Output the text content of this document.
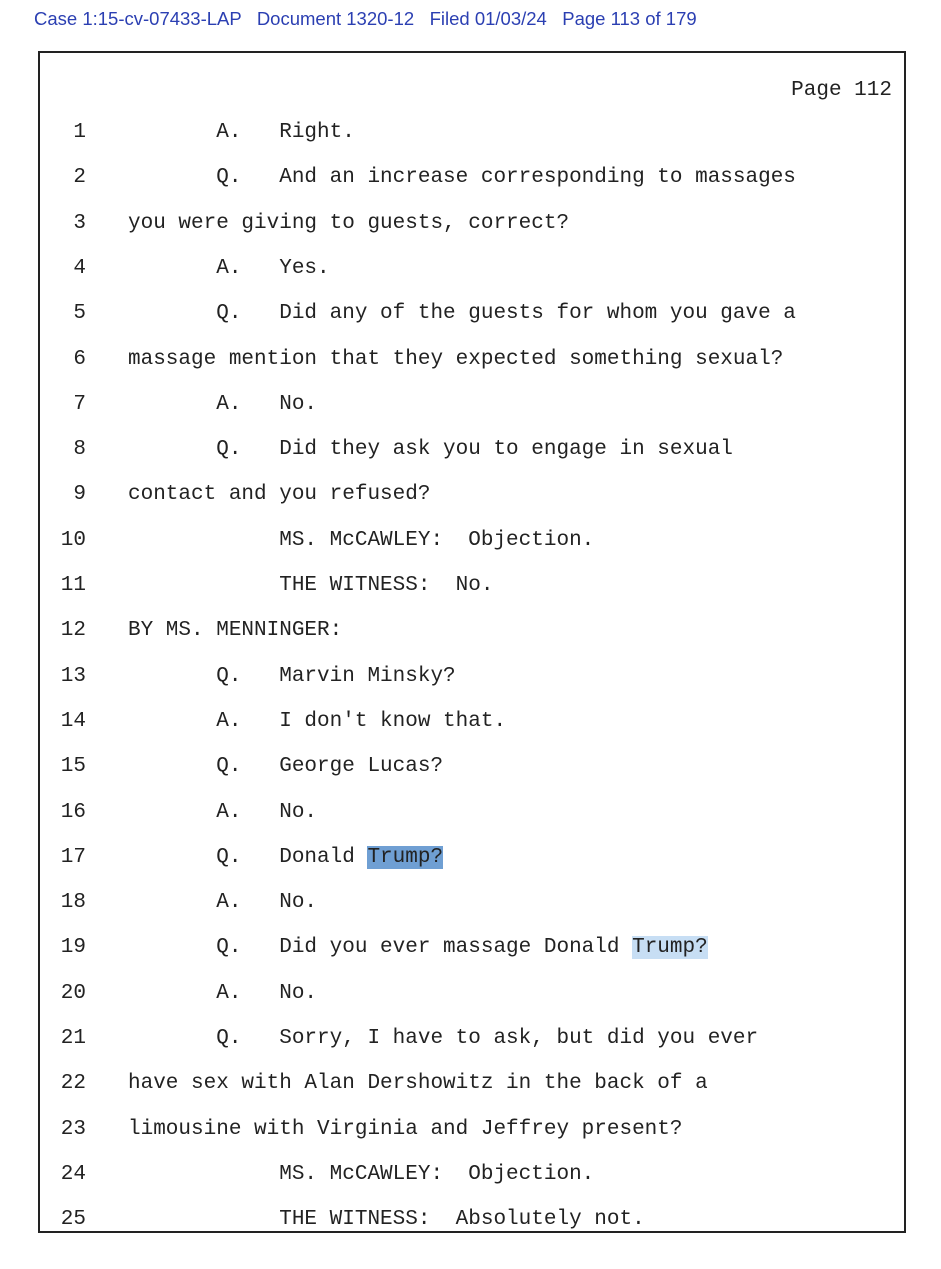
Case 1:15-cv-07433-LAP   Document 1320-12   Filed 01/03/24   Page 113 of 179
Page 112
1 A.   Right.
2 Q.   And an increase corresponding to massages
3 you were giving to guests, correct?
4 A.   Yes.
5 Q.   Did any of the guests for whom you gave a
6 massage mention that they expected something sexual?
7 A.   No.
8 Q.   Did they ask you to engage in sexual
9 contact and you refused?
10 MS. McCAWLEY:  Objection.
11 THE WITNESS:  No.
12 BY MS. MENNINGER:
13 Q.   Marvin Minsky?
14 A.   I don't know that.
15 Q.   George Lucas?
16 A.   No.
17 Q.   Donald Trump?
18 A.   No.
19 Q.   Did you ever massage Donald Trump?
20 A.   No.
21 Q.   Sorry, I have to ask, but did you ever
22 have sex with Alan Dershowitz in the back of a
23 limousine with Virginia and Jeffrey present?
24 MS. McCAWLEY:  Objection.
25 THE WITNESS:  Absolutely not.
